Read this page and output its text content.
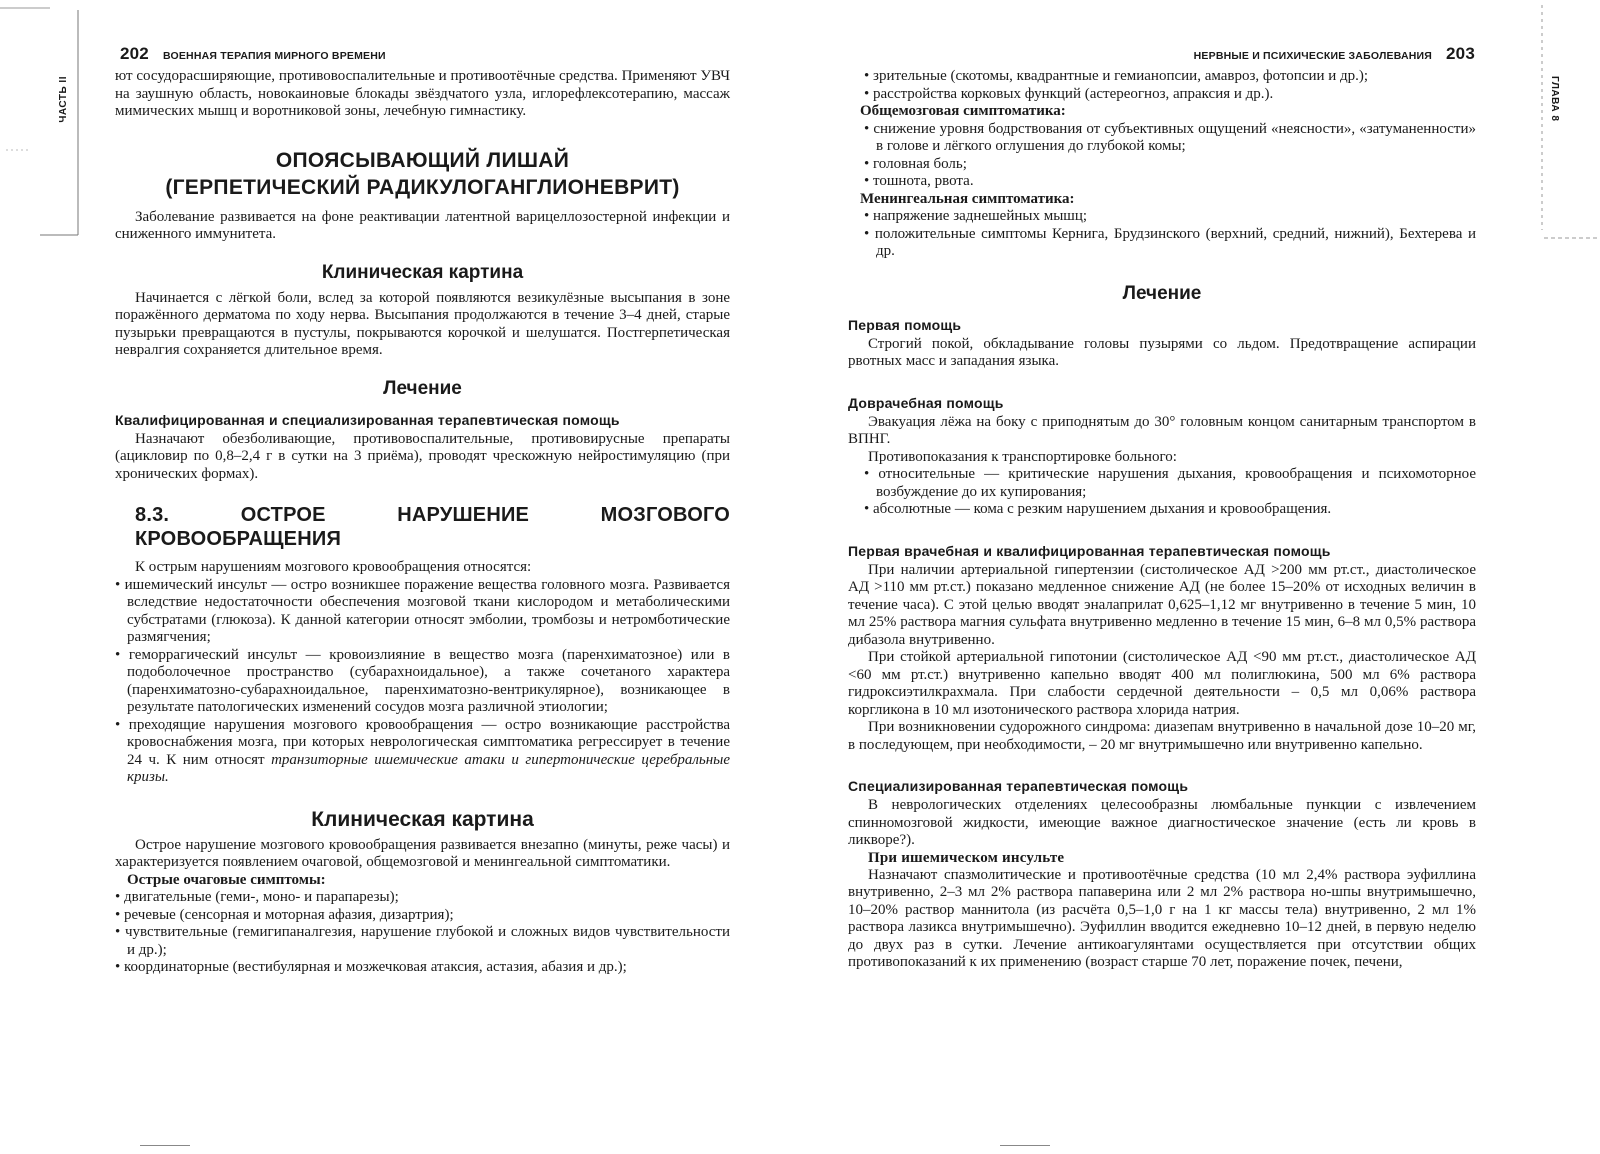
202 ВОЕННАЯ ТЕРАПИЯ МИРНОГО ВРЕМЕНИ
ЧАСТЬ II	ют сосудорасширяющие, противовоспалительные и противоотёчные средства. Применяют УВЧ на заушную область, новокаиновые блокады звёздчатого узла, иглорефлексотерапию, массаж мимических мышц и воротниковой зоны, лечебную гимнастику.

ОПОЯСЫВАЮЩИЙ ЛИШАЙ
(ГЕРПЕТИЧЕСКИЙ РАДИКУЛОГАНГЛИОНЕВРИТ)

Заболевание развивается на фоне реактивации латентной варицеллозостерной инфекции и сниженного иммунитета.

Клиническая картина

Начинается с лёгкой боли, вслед за которой появляются везикулёзные высыпания в зоне поражённого дерматома по ходу нерва. Высыпания продолжаются в течение 3–4 дней, старые пузырьки превращаются в пустулы, покрываются корочкой и шелушатся. Постгерпетическая невралгия сохраняется длительное время.

Лечение
Квалифицированная и специализированная терапевтическая помощь

Назначают обезболивающие, противовоспалительные, противовирусные препараты (ацикловир по 0,8–2,4 г в сутки на 3 приёма), проводят чрескожную нейростимуляцию (при хронических формах).

8.3. ОСТРОЕ НАРУШЕНИЕ МОЗГОВОГО КРОВООБРАЩЕНИЯ

К острым нарушениям мозгового кровообращения относятся:

• ишемический инсульт — остро возникшее поражение вещества головного мозга. Развивается вследствие недостаточности обеспечения мозговой ткани кислородом и метаболическими субстратами (глюкоза). К данной категории относят эмболии, тромбозы и нетромботические размягчения;
• геморрагический инсульт — кровоизлияние в вещество мозга (паренхиматозное) или в подоболочечное пространство (субарахноидальное), а также сочетаного характера (паренхиматозно-субарахноидальное, паренхиматозно-вентрикулярное), возникающее в результате патологических изменений сосудов мозга различной этиологии;
• преходящие нарушения мозгового кровообращения — остро возникающие расстройства кровоснабжения мозга, при которых неврологическая симптоматика регрессирует в течение 24 ч. К ним относят транзиторные ишемические атаки и гипертонические церебральные кризы.
Клиническая картина

Острое нарушение мозгового кровообращения развивается внезапно (минуты, реже часы) и характеризуется появлением очаговой, общемозговой и менингеальной симптоматики.

Острые очаговые симптомы:
• двигательные (геми-, моно- и парапарезы);
• речевые (сенсорная и моторная афазия, дизартрия);
• чувствительные (гемигипаналгезия, нарушение глубокой и сложных видов чувствительности и др.);
• координаторные (вестибулярная и мозжечковая атаксия, астазия, абазия и др.);
НЕРВНЫЕ И ПСИХИЧЕСКИЕ ЗАБОЛЕВАНИЯ 203
ГЛАВА 8
• зрительные (скотомы, квадрантные и гемианопсии, амавроз, фотопсии и др.);
• расстройства корковых функций (астереогноз, апраксия и др.).
Общемозговая симптоматика:
• снижение уровня бодрствования от субъективных ощущений «неясности», «затуманенности» в голове и лёгкого оглушения до глубокой комы;
• головная боль;
• тошнота, рвота.
Менингеальная симптоматика:
• напряжение заднешейных мышц;
• положительные симптомы Кернига, Брудзинского (верхний, средний, нижний), Бехтерева и др.
Лечение
Первая помощь

Строгий покой, обкладывание головы пузырями со льдом. Предотвращение аспирации рвотных масс и западания языка.

Доврачебная помощь

Эвакуация лёжа на боку с приподнятым до 30° головным концом санитарным транспортом в ВПНГ.

Противопоказания к транспортировке больного:

• относительные — критические нарушения дыхания, кровообращения и психомоторное возбуждение до их купирования;
• абсолютные — кома с резким нарушением дыхания и кровообращения.
Первая врачебная и квалифицированная терапевтическая помощь

При наличии артериальной гипертензии (систолическое АД >200 мм рт.ст., диастолическое АД >110 мм рт.ст.) показано медленное снижение АД (не более 15–20% от исходных величин в течение часа). С этой целью вводят эналаприлат 0,625–1,12 мг внутривенно в течение 5 мин, 10 мл 25% раствора магния сульфата внутривенно медленно в течение 15 мин, 6–8 мл 0,5% раствора дибазола внутривенно.

При стойкой артериальной гипотонии (систолическое АД <90 мм рт.ст., диастолическое АД <60 мм рт.ст.) внутривенно капельно вводят 400 мл полиглюкина, 500 мл 6% раствора гидроксиэтилкрахмала. При слабости сердечной деятельности – 0,5 мл 0,06% раствора коргликона в 10 мл изотонического раствора хлорида натрия.

При возникновении судорожного синдрома: диазепам внутривенно в начальной дозе 10–20 мг, в последующем, при необходимости, – 20 мг внутримышечно или внутривенно капельно.

Специализированная терапевтическая помощь

В неврологических отделениях целесообразны люмбальные пункции с извлечением спинномозговой жидкости, имеющие важное диагностическое значение (есть ли кровь в ликворе?).

При ишемическом инсульте

Назначают спазмолитические и противоотёчные средства (10 мл 2,4% раствора эуфиллина внутривенно, 2–3 мл 2% раствора папаверина или 2 мл 2% раствора но-шпы внутримышечно, 10–20% раствор маннитола (из расчёта 0,5–1,0 г на 1 кг массы тела) внутривенно, 2 мл 1% раствора лазикса внутримышечно). Эуфиллин вводится ежедневно 10–12 дней, в первую неделю до двух раз в сутки. Лечение антикоагулянтами осуществляется при отсутствии общих противопоказаний к их применению (возраст старше 70 лет, поражение почек, печени,
